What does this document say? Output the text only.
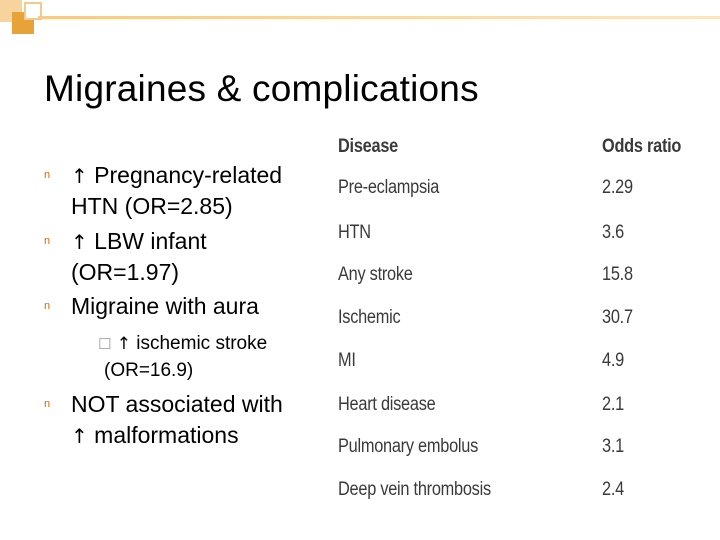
Migraines & complications
n ↑ Pregnancy-related
HTN (OR=2.85)
n ↑ LBW infant
(OR=1.97)
n Migraine with aura
☐ ↑ ischemic stroke
(OR=16.9)
n NOT associated with
↑ malformations
Disease	Odds ratio
Pre-eclampsia	2.29
HTN	3.6
Any stroke	15.8
Ischemic	30.7
MI	4.9
Heart disease	2.1
Pulmonary embolus	3.1
Deep vein thrombosis	2.4
